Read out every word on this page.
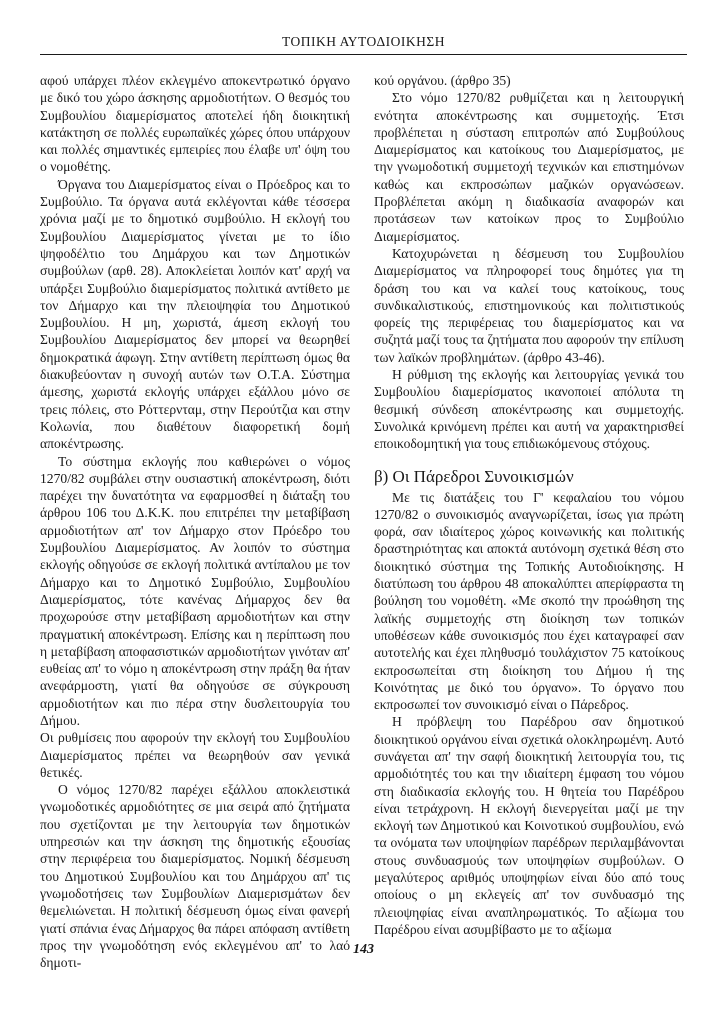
ΤΟΠΙΚΗ ΑΥΤΟΔΙΟΙΚΗΣΗ

αφού υπάρχει πλέον εκλεγμένο αποκεντρωτικό όργανο με δικό του χώρο άσκησης αρμοδιοτήτων. Ο θεσμός του Συμβουλίου διαμερίσματος αποτελεί ήδη διοικητική κατάκτηση σε πολλές ευρωπαϊκές χώρες όπου υπάρχουν και πολλές σημαντικές εμπειρίες που έλαβε υπ' όψη του ο νομοθέτης.

Όργανα του Διαμερίσματος είναι ο Πρόεδρος και το Συμβούλιο. Τα όργανα αυτά εκλέγονται κάθε τέσσερα χρόνια μαζί με το δημοτικό συμβούλιο. Η εκλογή του Συμβουλίου Διαμερίσματος γίνεται με το ίδιο ψηφοδέλτιο του Δημάρχου και των Δημοτικών συμβούλων (αρθ. 28). Αποκλείεται λοιπόν κατ' αρχή να υπάρξει Συμβούλιο διαμερίσματος πολιτικά αντίθετο με τον Δήμαρχο και την πλειοψηφία του Δημοτικού Συμβουλίου. Η μη, χωριστά, άμεση εκλογή του Συμβουλίου Διαμερίσματος δεν μπορεί να θεωρηθεί δημοκρατικά άφωγη. Στην αντίθετη περίπτωση όμως θα διακυβεύονταν η συνοχή αυτών των Ο.Τ.Α. Σύστημα άμεσης, χωριστά εκλογής υπάρχει εξάλλου μόνο σε τρεις πόλεις, στο Ρόττερνταμ, στην Περούτζια και στην Κολωνία, που διαθέτουν διαφορετική δομή αποκέντρωσης.

Το σύστημα εκλογής που καθιερώνει ο νόμος 1270/82 συμβάλει στην ουσιαστική αποκέντρωση, διότι παρέχει την δυνατότητα να εφαρμοσθεί η διάταξη του άρθρου 106 του Δ.Κ.Κ. που επιτρέπει την μεταβίβαση αρμοδιοτήτων απ' τον Δήμαρχο στον Πρόεδρο του Συμβουλίου Διαμερίσματος. Αν λοιπόν το σύστημα εκλογής οδηγούσε σε εκλογή πολιτικά αντίπαλου με τον Δήμαρχο και το Δημοτικό Συμβούλιο, Συμβουλίου Διαμερίσματος, τότε κανένας Δήμαρχος δεν θα προχωρούσε στην μεταβίβαση αρμοδιοτήτων και στην πραγματική αποκέντρωση. Επίσης και η περίπτωση που η μεταβίβαση αποφασιστικών αρμοδιοτήτων γινόταν απ' ευθείας απ' το νόμο η αποκέντρωση στην πράξη θα ήταν ανεφάρμοστη, γιατί θα οδηγούσε σε σύγκρουση αρμοδιοτήτων και πιο πέρα στην δυσλειτουργία του Δήμου.

Οι ρυθμίσεις που αφορούν την εκλογή του Συμβουλίου Διαμερίσματος πρέπει να θεωρηθούν σαν γενικά θετικές.

Ο νόμος 1270/82 παρέχει εξάλλου αποκλειστικά γνωμοδοτικές αρμοδιότητες σε μια σειρά από ζητήματα που σχετίζονται με την λειτουργία των δημοτικών υπηρεσιών και την άσκηση της δημοτικής εξουσίας στην περιφέρεια του διαμερίσματος. Νομική δέσμευση του Δημοτικού Συμβουλίου και του Δημάρχου απ' τις γνωμοδοτήσεις των Συμβουλίων Διαμερισμάτων δεν θεμελιώνεται. Η πολιτική δέσμευση όμως είναι φανερή γιατί σπάνια ένας Δήμαρχος θα πάρει απόφαση αντίθετη προς την γνωμοδότηση ενός εκλεγμένου απ' το λαό δημοτι-

κού οργάνου. (άρθρο 35)

Στο νόμο 1270/82 ρυθμίζεται και η λειτουργική ενότητα αποκέντρωσης και συμμετοχής. Έτσι προβλέπεται η σύσταση επιτροπών από Συμβούλους Διαμερίσματος και κατοίκους του Διαμερίσματος, με την γνωμοδοτική συμμετοχή τεχνικών και επιστημόνων καθώς και εκπροσώπων μαζικών οργανώσεων. Προβλέπεται ακόμη η διαδικασία αναφορών και προτάσεων των κατοίκων προς το Συμβούλιο Διαμερίσματος.

Κατοχυρώνεται η δέσμευση του Συμβουλίου Διαμερίσματος να πληροφορεί τους δημότες για τη δράση του και να καλεί τους κατοίκους, τους συνδικαλιστικούς, επιστημονικούς και πολιτιστικούς φορείς της περιφέρειας του διαμερίσματος και να συζητά μαζί τους τα ζητήματα που αφορούν την επίλυση των λαϊκών προβλημάτων. (άρθρο 43-46).

Η ρύθμιση της εκλογής και λειτουργίας γενικά του Συμβουλίου διαμερίσματος ικανοποιεί απόλυτα τη θεσμική σύνδεση αποκέντρωσης και συμμετοχής. Συνολικά κρινόμενη πρέπει και αυτή να χαρακτηρισθεί εποικοδομητική για τους επιδιωκόμενους στόχους.

β) Οι Πάρεδροι Συνοικισμών

Με τις διατάξεις του Γ' κεφαλαίου του νόμου 1270/82 ο συνοικισμός αναγνωρίζεται, ίσως για πρώτη φορά, σαν ιδιαίτερος χώρος κοινωνικής και πολιτικής δραστηριότητας και αποκτά αυτόνομη σχετικά θέση στο διοικητικό σύστημα της Τοπικής Αυτοδιοίκησης. Η διατύπωση του άρθρου 48 αποκαλύπτει απερίφραστα τη βούληση του νομοθέτη. «Με σκοπό την προώθηση της λαϊκής συμμετοχής στη διοίκηση των τοπικών υποθέσεων κάθε συνοικισμός που έχει καταγραφεί σαν αυτοτελής και έχει πληθυσμό τουλάχιστον 75 κατοίκους εκπροσωπείται στη διοίκηση του Δήμου ή της Κοινότητας με δικό του όργανο». Το όργανο που εκπροσωπεί τον συνοικισμό είναι ο Πάρεδρος.

Η πρόβλεψη του Παρέδρου σαν δημοτικού διοικητικού οργάνου είναι σχετικά ολοκληρωμένη. Αυτό συνάγεται απ' την σαφή διοικητική λειτουργία του, τις αρμοδιότητές του και την ιδιαίτερη έμφαση του νόμου στη διαδικασία εκλογής του. Η θητεία του Παρέδρου είναι τετράχρονη. Η εκλογή διενεργείται μαζί με την εκλογή των Δημοτικού και Κοινοτικού συμβουλίου, ενώ τα ονόματα των υποψηφίων παρέδρων περιλαμβάνονται στους συνδυασμούς των υποψηφίων συμβούλων. Ο μεγαλύτερος αριθμός υποψηφίων είναι δύο από τους οποίους ο μη εκλεγείς απ' τον συνδυασμό της πλειοψηφίας είναι αναπληρωματικός. Το αξίωμα του Παρέδρου είναι ασυμβίβαστο με το αξίωμα

143
